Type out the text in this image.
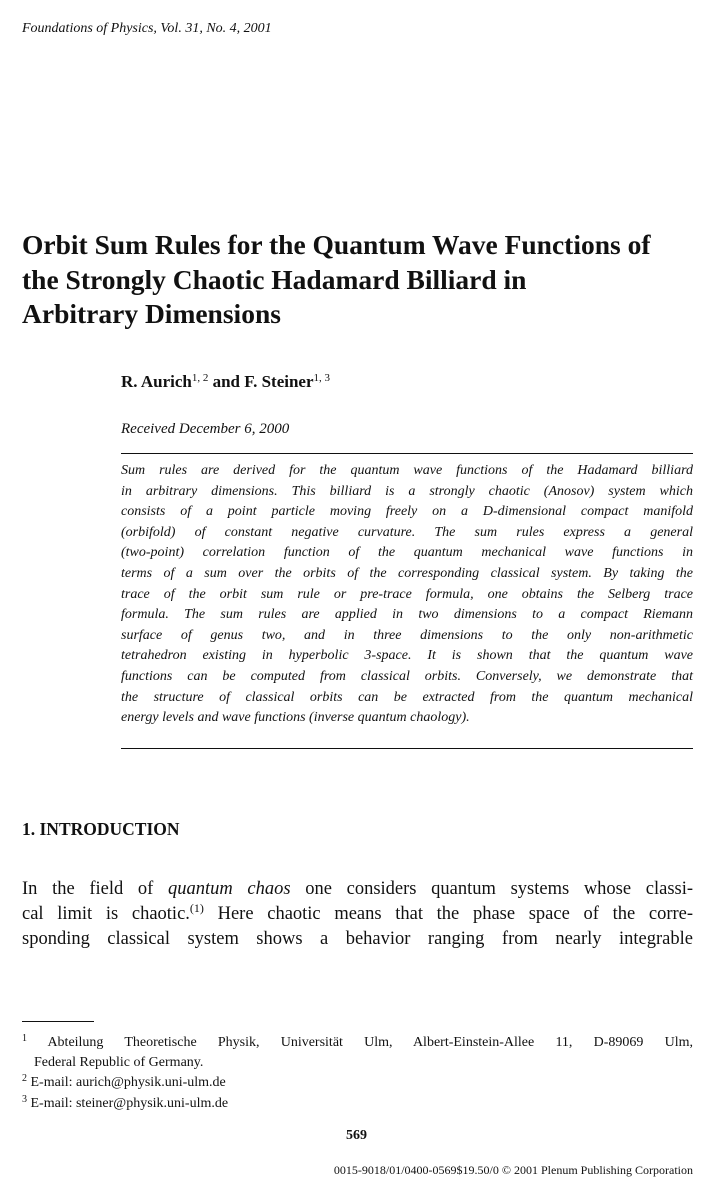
Foundations of Physics, Vol. 31, No. 4, 2001
Orbit Sum Rules for the Quantum Wave Functions of
the Strongly Chaotic Hadamard Billiard in
Arbitrary Dimensions
R. Aurich$^{1, 2}$ and F. Steiner$^{1, 3}$
Received December 6, 2000
Sum rules are derived for the quantum wave functions of the Hadamard billiard
in arbitrary dimensions. This billiard is a strongly chaotic (Anosov) system which
consists of a point particle moving freely on a D-dimensional compact manifold
(orbifold) of constant negative curvature. The sum rules express a general
(two-point) correlation function of the quantum mechanical wave functions in
terms of a sum over the orbits of the corresponding classical system. By taking the
trace of the orbit sum rule or pre-trace formula, one obtains the Selberg trace
formula. The sum rules are applied in two dimensions to a compact Riemann
surface of genus two, and in three dimensions to the only non-arithmetic
tetrahedron existing in hyperbolic 3-space. It is shown that the quantum wave
functions can be computed from classical orbits. Conversely, we demonstrate that
the structure of classical orbits can be extracted from the quantum mechanical
energy levels and wave functions (inverse quantum chaology).
1. INTRODUCTION
In the field of quantum chaos one considers quantum systems whose classi-
cal limit is chaotic.$^{(1)}$ Here chaotic means that the phase space of the corre-
sponding classical system shows a behavior ranging from nearly integrable
$^1$ Abteilung Theoretische Physik, Universität Ulm, Albert-Einstein-Allee 11, D-89069 Ulm,
Federal Republic of Germany.
$^2$ E-mail: aurich@physik.uni-ulm.de
$^3$ E-mail: steiner@physik.uni-ulm.de
569
0015-9018/01/0400-0569$19.50/0 © 2001 Plenum Publishing Corporation
